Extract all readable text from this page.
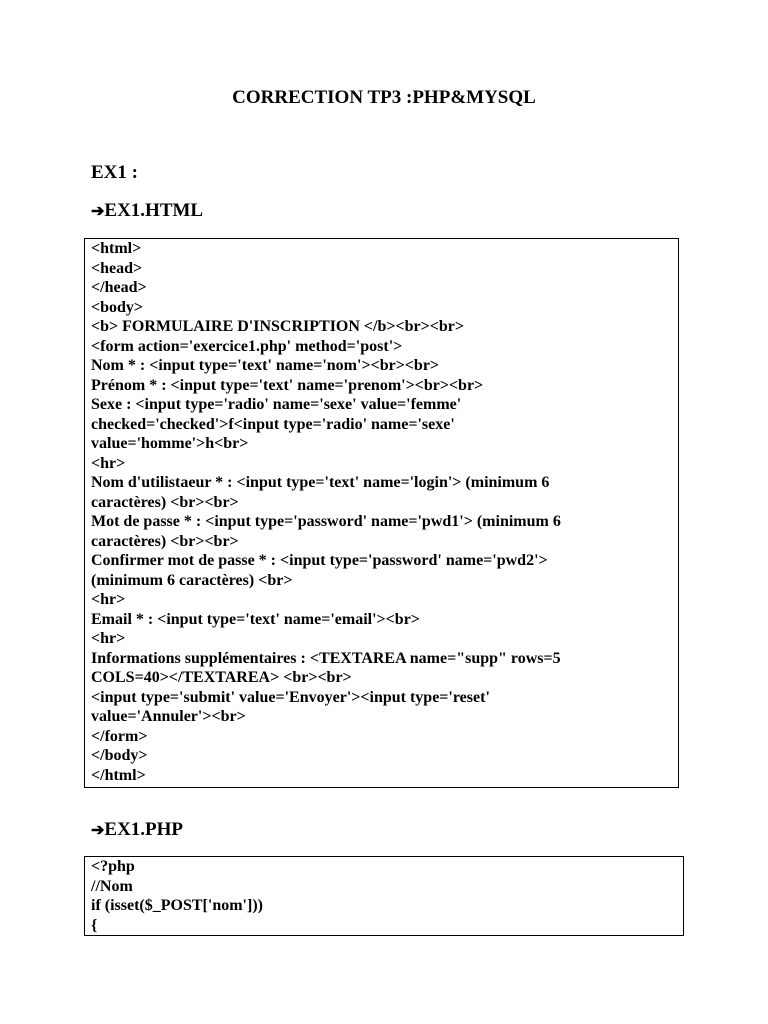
CORRECTION TP3 :PHP&MYSQL
EX1 :
➔EX1.HTML
<html>
<head>
</head>
<body>
<b> FORMULAIRE D'INSCRIPTION </b><br><br>
<form action='exercice1.php' method='post'>
Nom * : <input type='text' name='nom'><br><br>
Prénom * : <input type='text' name='prenom'><br><br>
Sexe : <input type='radio' name='sexe' value='femme'
checked='checked'>f<input type='radio' name='sexe'
value='homme'>h<br>
<hr>
Nom d'utilistaeur * : <input type='text' name='login'> (minimum 6
caractères) <br><br>
Mot de passe * : <input type='password' name='pwd1'> (minimum 6
caractères) <br><br>
Confirmer mot de passe * : <input type='password' name='pwd2'>
(minimum 6 caractères) <br>
<hr>
Email * : <input type='text' name='email'><br>
<hr>
Informations supplémentaires : <TEXTAREA name="supp" rows=5
COLS=40></TEXTAREA> <br><br>
<input type='submit' value='Envoyer'><input type='reset'
value='Annuler'><br>
</form>
</body>
</html>
➔EX1.PHP
<?php
//Nom
if (isset($_POST['nom']))
{
